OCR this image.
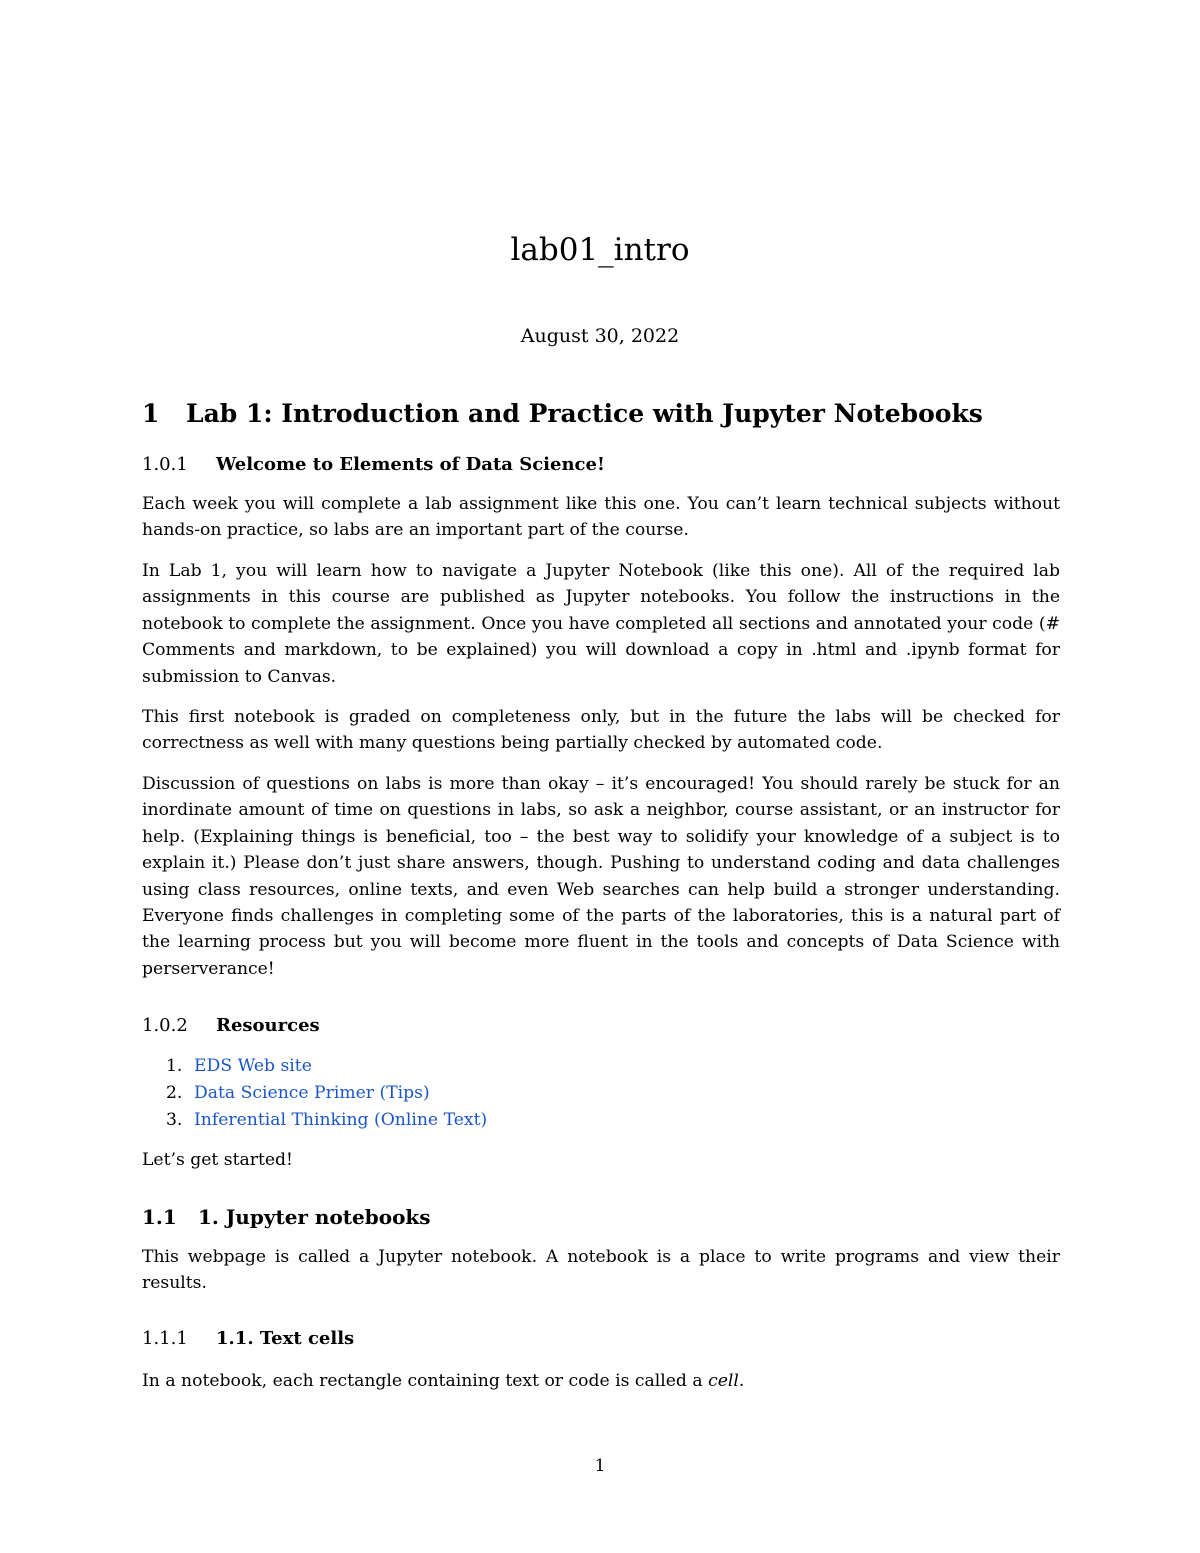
lab01_intro
August 30, 2022
1 Lab 1: Introduction and Practice with Jupyter Notebooks
1.0.1 Welcome to Elements of Data Science!

Each week you will complete a lab assignment like this one. You can’t learn technical subjects without hands-on practice, so labs are an important part of the course.

In Lab 1, you will learn how to navigate a Jupyter Notebook (like this one). All of the required lab assignments in this course are published as Jupyter notebooks. You follow the instructions in the notebook to complete the assignment. Once you have completed all sections and annotated your code (# Comments and markdown, to be explained) you will download a copy in .html and .ipynb format for submission to Canvas.

This first notebook is graded on completeness only, but in the future the labs will be checked for correctness as well with many questions being partially checked by automated code.

Discussion of questions on labs is more than okay – it’s encouraged! You should rarely be stuck for an inordinate amount of time on questions in labs, so ask a neighbor, course assistant, or an instructor for help. (Explaining things is beneficial, too – the best way to solidify your knowledge of a subject is to explain it.) Please don’t just share answers, though. Pushing to understand coding and data challenges using class resources, online texts, and even Web searches can help build a stronger understanding. Everyone finds challenges in completing some of the parts of the laboratories, this is a natural part of the learning process but you will become more fluent in the tools and concepts of Data Science with perserverance!

1.0.2 Resources
1. EDS Web site
2. Data Science Primer (Tips)
3. Inferential Thinking (Online Text)

Let’s get started!

1.1 1. Jupyter notebooks

This webpage is called a Jupyter notebook. A notebook is a place to write programs and view their results.

1.1.1 1.1. Text cells

In a notebook, each rectangle containing text or code is called a cell.

1
